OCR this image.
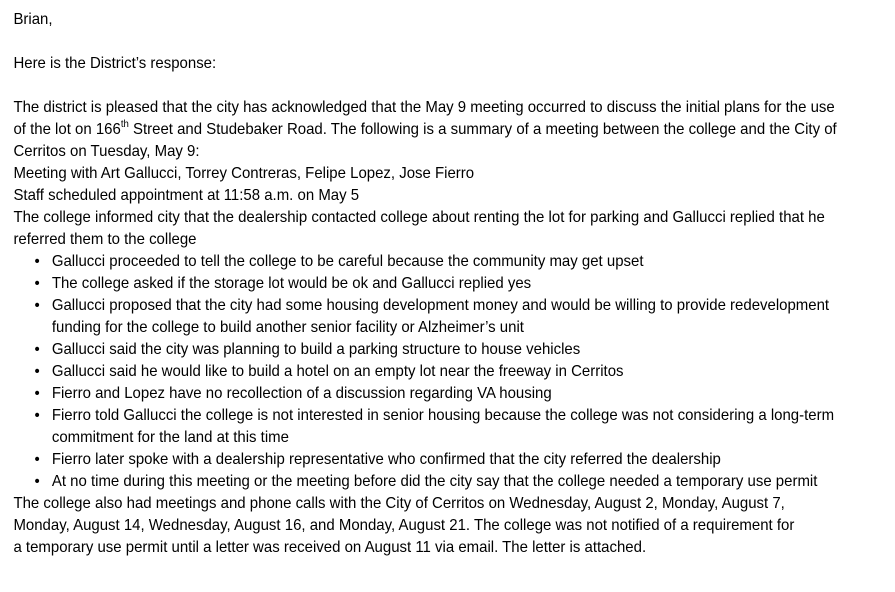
Brian,
Here is the District’s response:
The district is pleased that the city has acknowledged that the May 9 meeting occurred to discuss the initial plans for the use
of the lot on 166th Street and Studebaker Road. The following is a summary of a meeting between the college and the City of
Cerritos on Tuesday, May 9:
Meeting with Art Gallucci, Torrey Contreras, Felipe Lopez, Jose Fierro
Staff scheduled appointment at 11:58 a.m. on May 5
The college informed city that the dealership contacted college about renting the lot for parking and Gallucci replied that he
referred them to the college
• Gallucci proceeded to tell the college to be careful because the community may get upset
• The college asked if the storage lot would be ok and Gallucci replied yes
• Gallucci proposed that the city had some housing development money and would be willing to provide redevelopment
funding for the college to build another senior facility or Alzheimer’s unit
• Gallucci said the city was planning to build a parking structure to house vehicles
• Gallucci said he would like to build a hotel on an empty lot near the freeway in Cerritos
• Fierro and Lopez have no recollection of a discussion regarding VA housing
• Fierro told Gallucci the college is not interested in senior housing because the college was not considering a long-term
commitment for the land at this time
• Fierro later spoke with a dealership representative who confirmed that the city referred the dealership
• At no time during this meeting or the meeting before did the city say that the college needed a temporary use permit
The college also had meetings and phone calls with the City of Cerritos on Wednesday, August 2, Monday, August 7,
Monday, August 14, Wednesday, August 16, and Monday, August 21. The college was not notified of a requirement for
a temporary use permit until a letter was received on August 11 via email. The letter is attached.
